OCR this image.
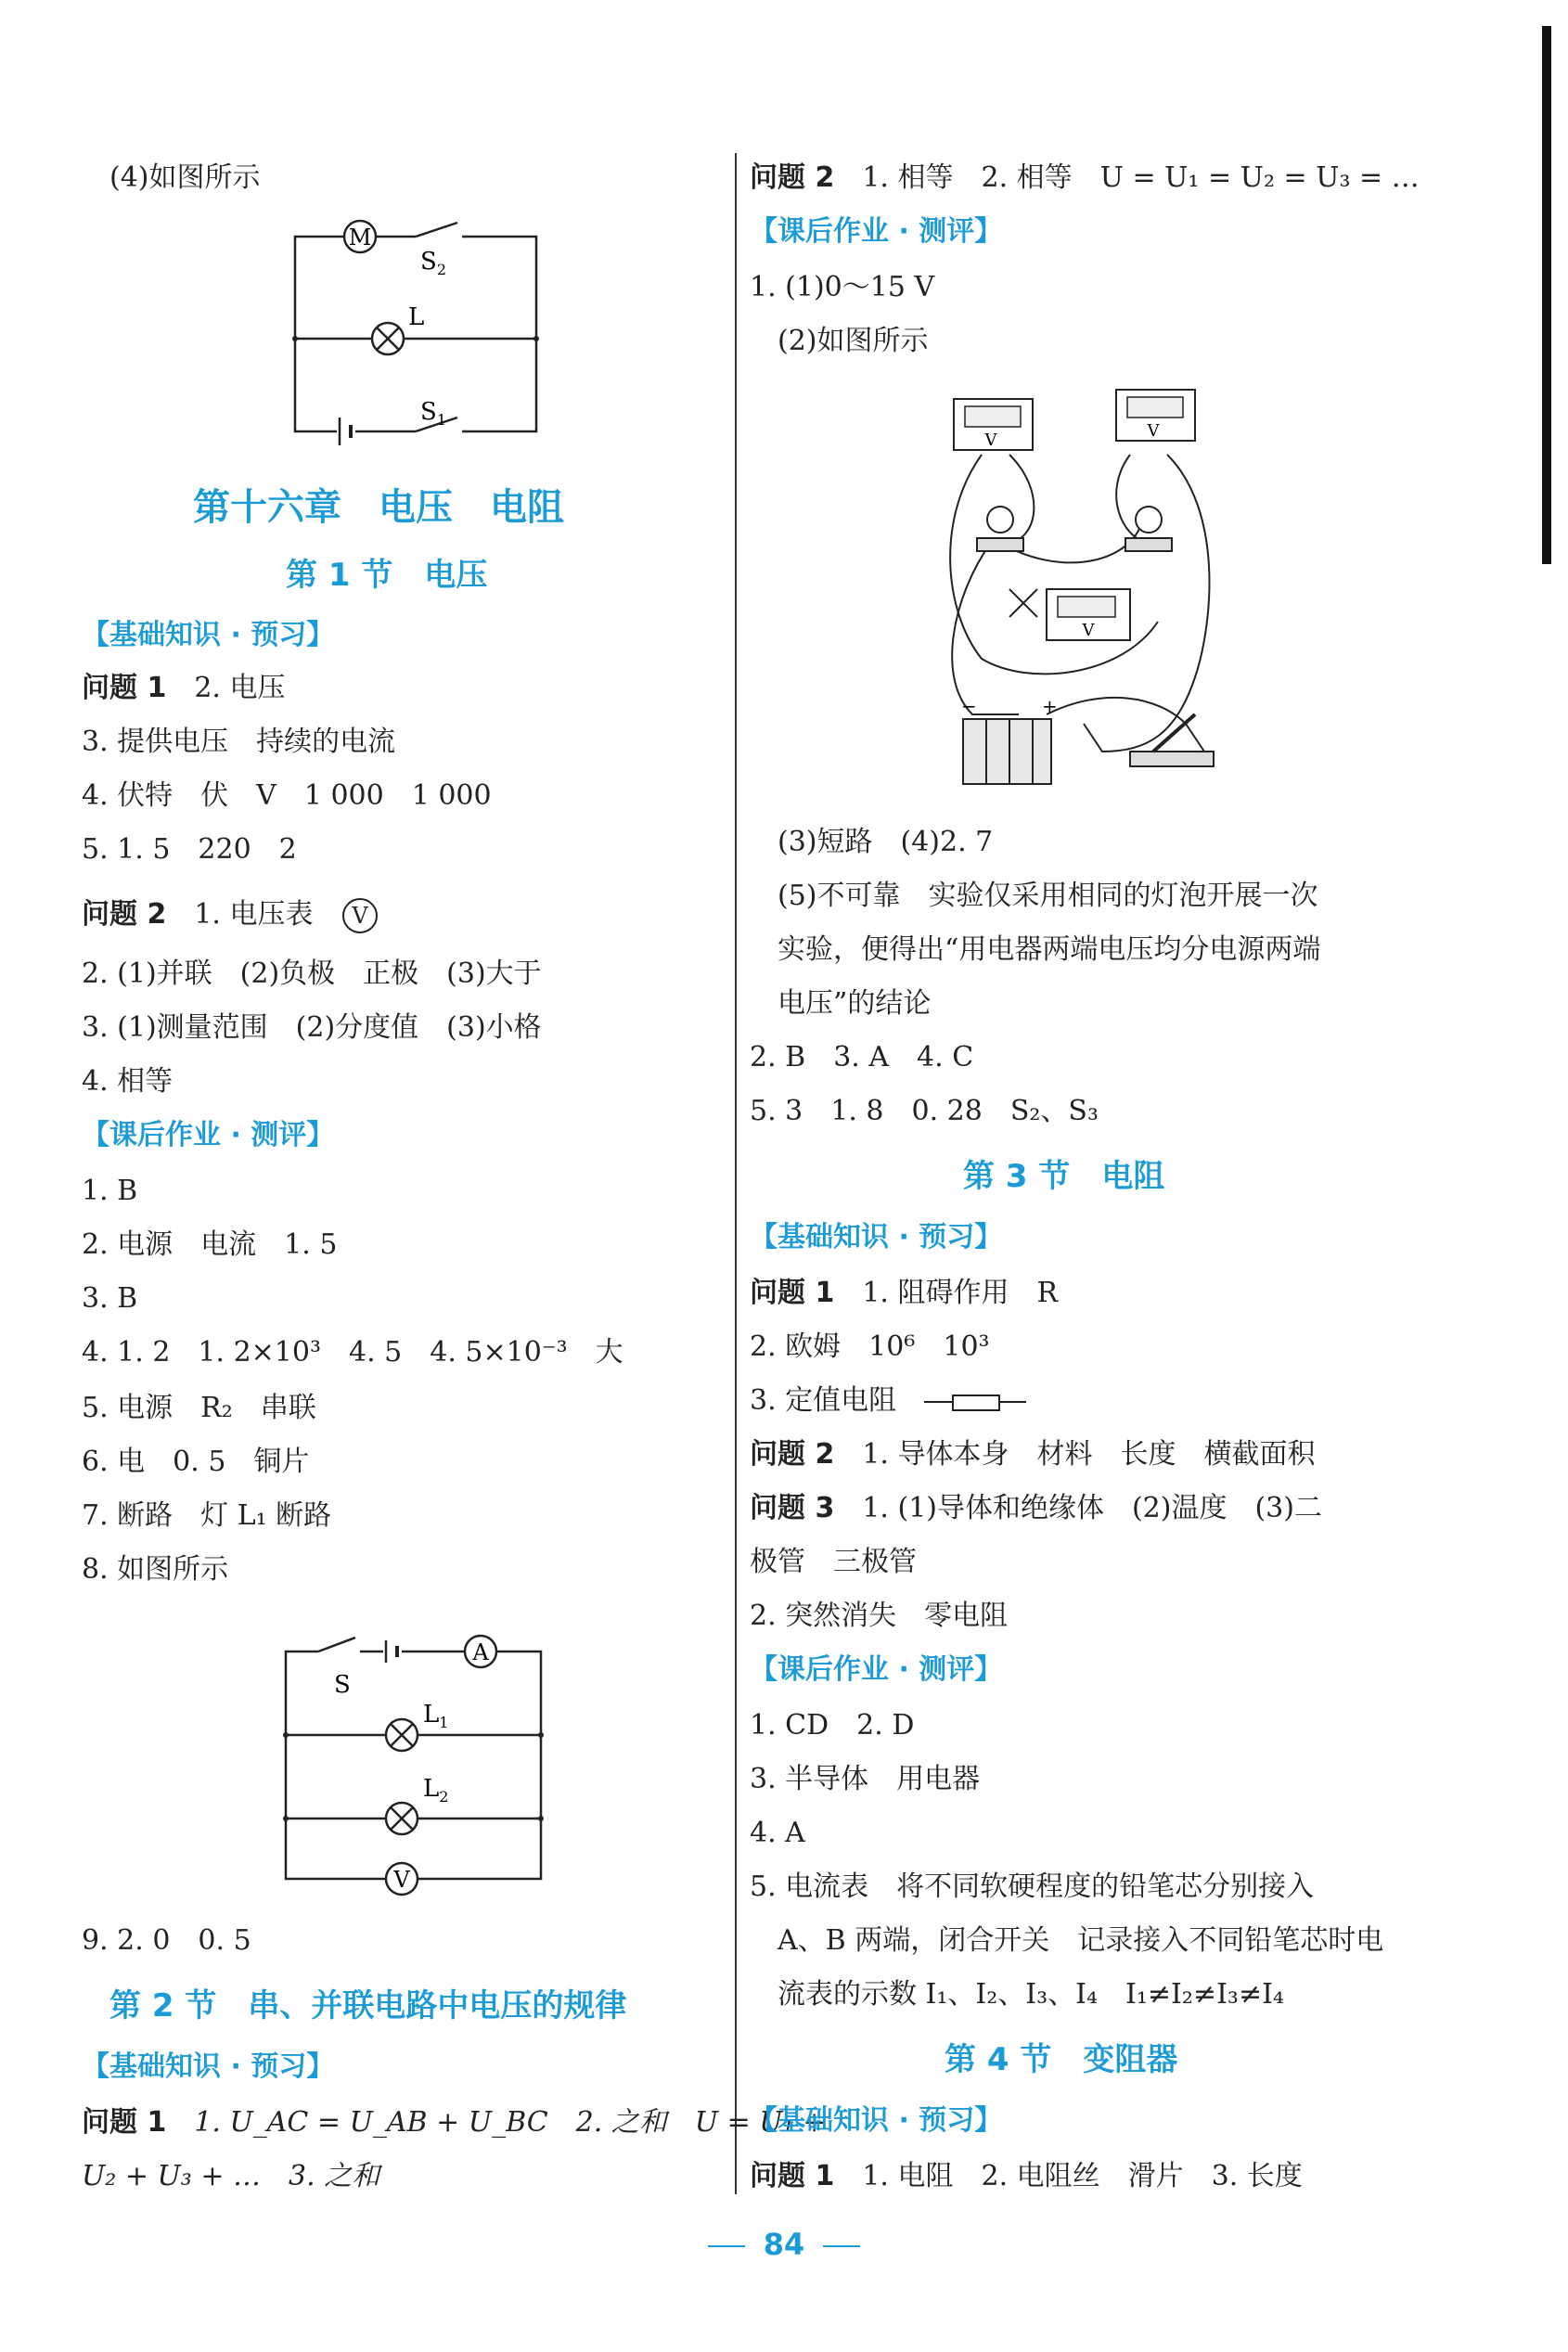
(4)如图所示
M
$S_2$
L
$S_1$
第十六章　电压　电阻
第 1 节　电压
【基础知识 · 预习】
问题 1　 2. 电压
3. 提供电压　持续的电流
4. 伏特　伏　V　1 000　1 000
5. 1. 5　220　2
问题 2　 1. 电压表 V
2. (1)并联　(2)负极　正极　(3)大于
3. (1)测量范围　(2)分度值　(3)小格
4. 相等
【课后作业 · 测评】
1. B
2. 电源　电流　1. 5
3. B
4. 1. 2　1. 2×10³　4. 5　4. 5×10⁻³　大
5. 电源　R₂　串联
6. 电　0. 5　铜片
7. 断路　灯 L₁ 断路
8. 如图所示
S
A
$L_1$
$L_2$
V
9. 2. 0　0. 5
第 2 节　串、并联电路中电压的规律
【基础知识 · 预习】
问题 1　 1. U_AC = U_AB + U_BC　2. 之和　U = U₁ +
U₂ + U₃ + …　3. 之和
问题 2　 1. 相等　2. 相等　U = U₁ = U₂ = U₃ = …
【课后作业 · 测评】
1. (1)0～15 V
(2)如图所示
V	V
V
−	+
(3)短路　(4)2. 7
(5)不可靠　实验仅采用相同的灯泡开展一次
实验，便得出“用电器两端电压均分电源两端
电压”的结论
2. B　3. A　4. C
5. 3　1. 8　0. 28　S₂、S₃
第 3 节　电阻
【基础知识 · 预习】
问题 1　 1. 阻碍作用　R
2. 欧姆　10⁶　10³
3. 定值电阻
问题 2　 1. 导体本身　材料　长度　横截面积
问题 3　 1. (1)导体和绝缘体　(2)温度　(3)二
极管　三极管
2. 突然消失　零电阻
【课后作业 · 测评】
1. CD　2. D
3. 半导体　用电器
4. A
5. 电流表　将不同软硬程度的铅笔芯分别接入
A、B 两端，闭合开关　记录接入不同铅笔芯时电
流表的示数 I₁、I₂、I₃、I₄　I₁≠I₂≠I₃≠I₄
第 4 节　变阻器
【基础知识 · 预习】
问题 1　 1. 电阻　2. 电阻丝　滑片　3. 长度
84
